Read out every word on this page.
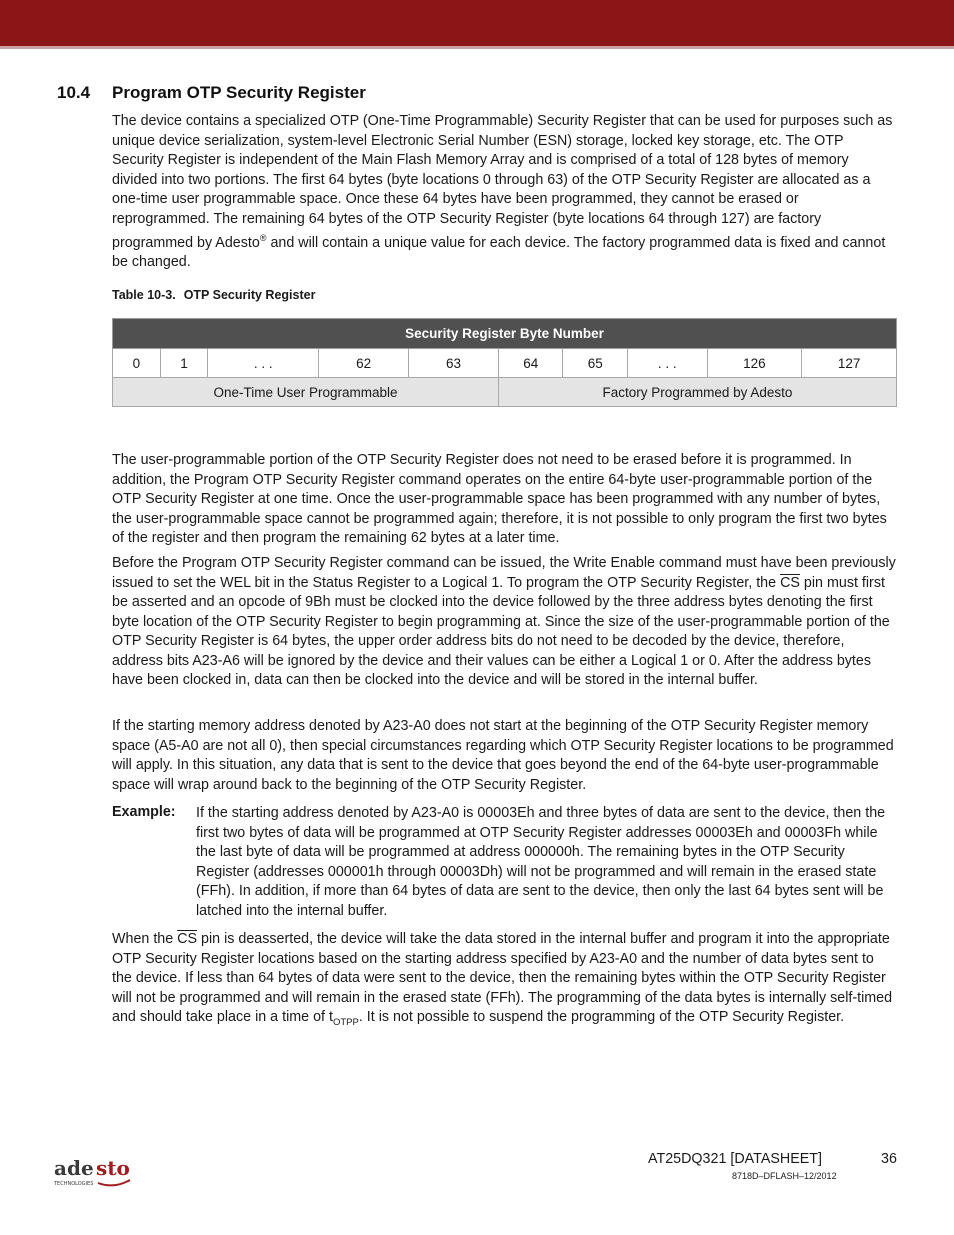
10.4 Program OTP Security Register

The device contains a specialized OTP (One-Time Programmable) Security Register that can be used for purposes such as unique device serialization, system-level Electronic Serial Number (ESN) storage, locked key storage, etc. The OTP Security Register is independent of the Main Flash Memory Array and is comprised of a total of 128 bytes of memory divided into two portions. The first 64 bytes (byte locations 0 through 63) of the OTP Security Register are allocated as a one-time user programmable space. Once these 64 bytes have been programmed, they cannot be erased or reprogrammed. The remaining 64 bytes of the OTP Security Register (byte locations 64 through 127) are factory programmed by Adesto® and will contain a unique value for each device. The factory programmed data is fixed and cannot be changed.

Table 10-3. OTP Security Register
Security Register Byte Number									
0	1	. . .	62	63	64	65	. . .	126	127
One-Time User Programmable					Factory Programmed by Adesto				

The user-programmable portion of the OTP Security Register does not need to be erased before it is programmed. In addition, the Program OTP Security Register command operates on the entire 64-byte user-programmable portion of the OTP Security Register at one time. Once the user-programmable space has been programmed with any number of bytes, the user-programmable space cannot be programmed again; therefore, it is not possible to only program the first two bytes of the register and then program the remaining 62 bytes at a later time.

Before the Program OTP Security Register command can be issued, the Write Enable command must have been previously issued to set the WEL bit in the Status Register to a Logical 1. To program the OTP Security Register, the $\overline{CS}$ pin must first be asserted and an opcode of 9Bh must be clocked into the device followed by the three address bytes denoting the first byte location of the OTP Security Register to begin programming at. Since the size of the user-programmable portion of the OTP Security Register is 64 bytes, the upper order address bits do not need to be decoded by the device, therefore, address bits A23-A6 will be ignored by the device and their values can be either a Logical 1 or 0. After the address bytes have been clocked in, data can then be clocked into the device and will be stored in the internal buffer.

If the starting memory address denoted by A23-A0 does not start at the beginning of the OTP Security Register memory space (A5-A0 are not all 0), then special circumstances regarding which OTP Security Register locations to be programmed will apply. In this situation, any data that is sent to the device that goes beyond the end of the 64-byte user-programmable space will wrap around back to the beginning of the OTP Security Register.

Example: If the starting address denoted by A23-A0 is 00003Eh and three bytes of data are sent to the device, then the first two bytes of data will be programmed at OTP Security Register addresses 00003Eh and 00003Fh while the last byte of data will be programmed at address 000000h. The remaining bytes in the OTP Security Register (addresses 000001h through 00003Dh) will not be programmed and will remain in the erased state (FFh). In addition, if more than 64 bytes of data are sent to the device, then only the last 64 bytes sent will be latched into the internal buffer.

When the $\overline{CS}$ pin is deasserted, the device will take the data stored in the internal buffer and program it into the appropriate OTP Security Register locations based on the starting address specified by A23-A0 and the number of data bytes sent to the device. If less than 64 bytes of data were sent to the device, then the remaining bytes within the OTP Security Register will not be programmed and will remain in the erased state (FFh). The programming of the data bytes is internally self-timed and should take place in a time of $t_{OTPP}$. It is not possible to suspend the programming of the OTP Security Register.

ade sto
TECHNOLOGIES
AT25DQ321 [DATASHEET]	36
8718D–DFLASH–12/2012
